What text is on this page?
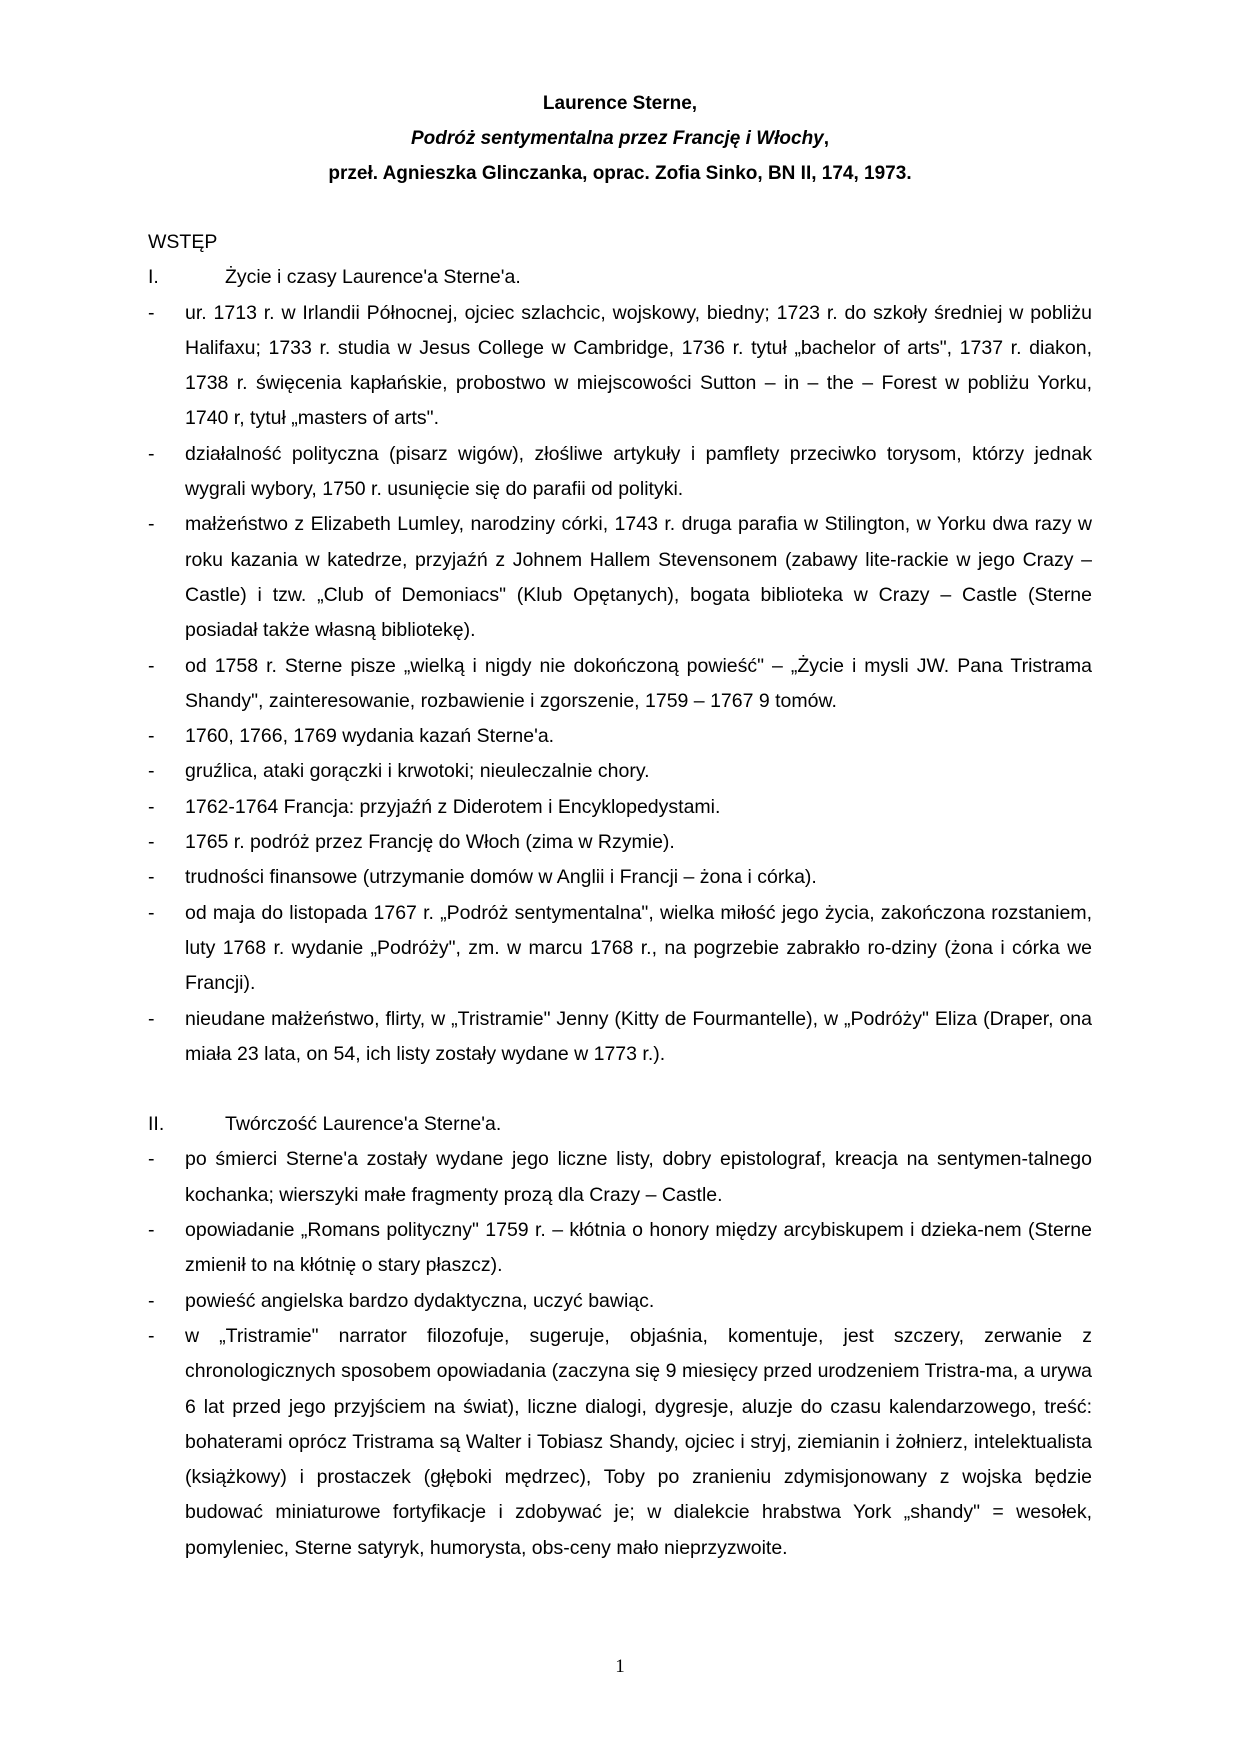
Laurence Sterne,
Podróż sentymentalna przez Francję i Włochy,
przeł. Agnieszka Glinczanka, oprac. Zofia Sinko, BN II, 174, 1973.
WSTĘP
I.	Życie i czasy Laurence'a Sterne'a.
-	ur. 1713 r. w Irlandii Północnej, ojciec szlachcic, wojskowy, biedny; 1723 r. do szkoły średniej w pobliżu Halifaxu; 1733 r. studia w Jesus College w Cambridge, 1736 r. tytuł „bachelor of arts", 1737 r. diakon, 1738 r. święcenia kapłańskie, probostwo w miejscowości Sutton – in – the – Forest w pobliżu Yorku, 1740 r, tytuł „masters of arts".
-	działalność polityczna (pisarz wigów), złośliwe artykuły i pamflety przeciwko torysom, którzy jednak wygrali wybory, 1750 r. usunięcie się do parafii od polityki.
-	małżeństwo z Elizabeth Lumley, narodziny córki, 1743 r. druga parafia w Stilington, w Yorku dwa razy w roku kazania w katedrze, przyjaźń z Johnem Hallem Stevensonem (zabawy lite-rackie w jego Crazy – Castle) i tzw. „Club of Demoniacs" (Klub Opętanych), bogata biblioteka w Crazy – Castle (Sterne posiadał także własną bibliotekę).
-	od 1758 r. Sterne pisze „wielką i nigdy nie dokończoną powieść" – „Życie i mysli JW. Pana Tristrama Shandy", zainteresowanie, rozbawienie i zgorszenie, 1759 – 1767 9 tomów.
-	1760, 1766, 1769 wydania kazań Sterne'a.
-	gruźlica, ataki gorączki i krwotoki; nieuleczalnie chory.
-	1762-1764 Francja: przyjaźń z Diderotem i Encyklopedystami.
-	1765 r. podróż przez Francję do Włoch (zima w Rzymie).
-	trudności finansowe (utrzymanie domów w Anglii i Francji – żona i córka).
-	od maja do listopada 1767 r. „Podróż sentymentalna", wielka miłość jego życia, zakończona rozstaniem, luty 1768 r. wydanie „Podróży", zm. w marcu 1768 r., na pogrzebie zabrakło ro-dziny (żona i córka we Francji).
-	nieudane małżeństwo, flirty, w „Tristramie" Jenny (Kitty de Fourmantelle), w „Podróży" Eliza (Draper, ona miała 23 lata, on 54, ich listy zostały wydane w 1773 r.).
II.	Twórczość Laurence'a Sterne'a.
-	po śmierci Sterne'a zostały wydane jego liczne listy, dobry epistolograf, kreacja na sentymen-talnego kochanka; wierszyki małe fragmenty prozą dla Crazy – Castle.
-	opowiadanie „Romans polityczny" 1759 r. – kłótnia o honory między arcybiskupem i dzieka-nem (Sterne zmienił to na kłótnię o stary płaszcz).
-	powieść angielska bardzo dydaktyczna, uczyć bawiąc.
-	w „Tristramie" narrator filozofuje, sugeruje, objaśnia, komentuje, jest szczery, zerwanie z chronologicznych sposobem opowiadania (zaczyna się 9 miesięcy przed urodzeniem Tristra-ma, a urywa 6 lat przed jego przyjściem na świat), liczne dialogi, dygresje, aluzje do czasu kalendarzowego, treść: bohaterami oprócz Tristrama są Walter i Tobiasz Shandy, ojciec i stryj, ziemianin i żołnierz, intelektualista (książkowy) i prostaczek (głęboki mędrzec), Toby po zranieniu zdymisjonowany z wojska będzie budować miniaturowe fortyfikacje i zdobywać je; w dialekcie hrabstwa York „shandy" = wesołek, pomyleniec, Sterne satyryk, humorysta, obs-ceny mało nieprzyzwoite.
1
